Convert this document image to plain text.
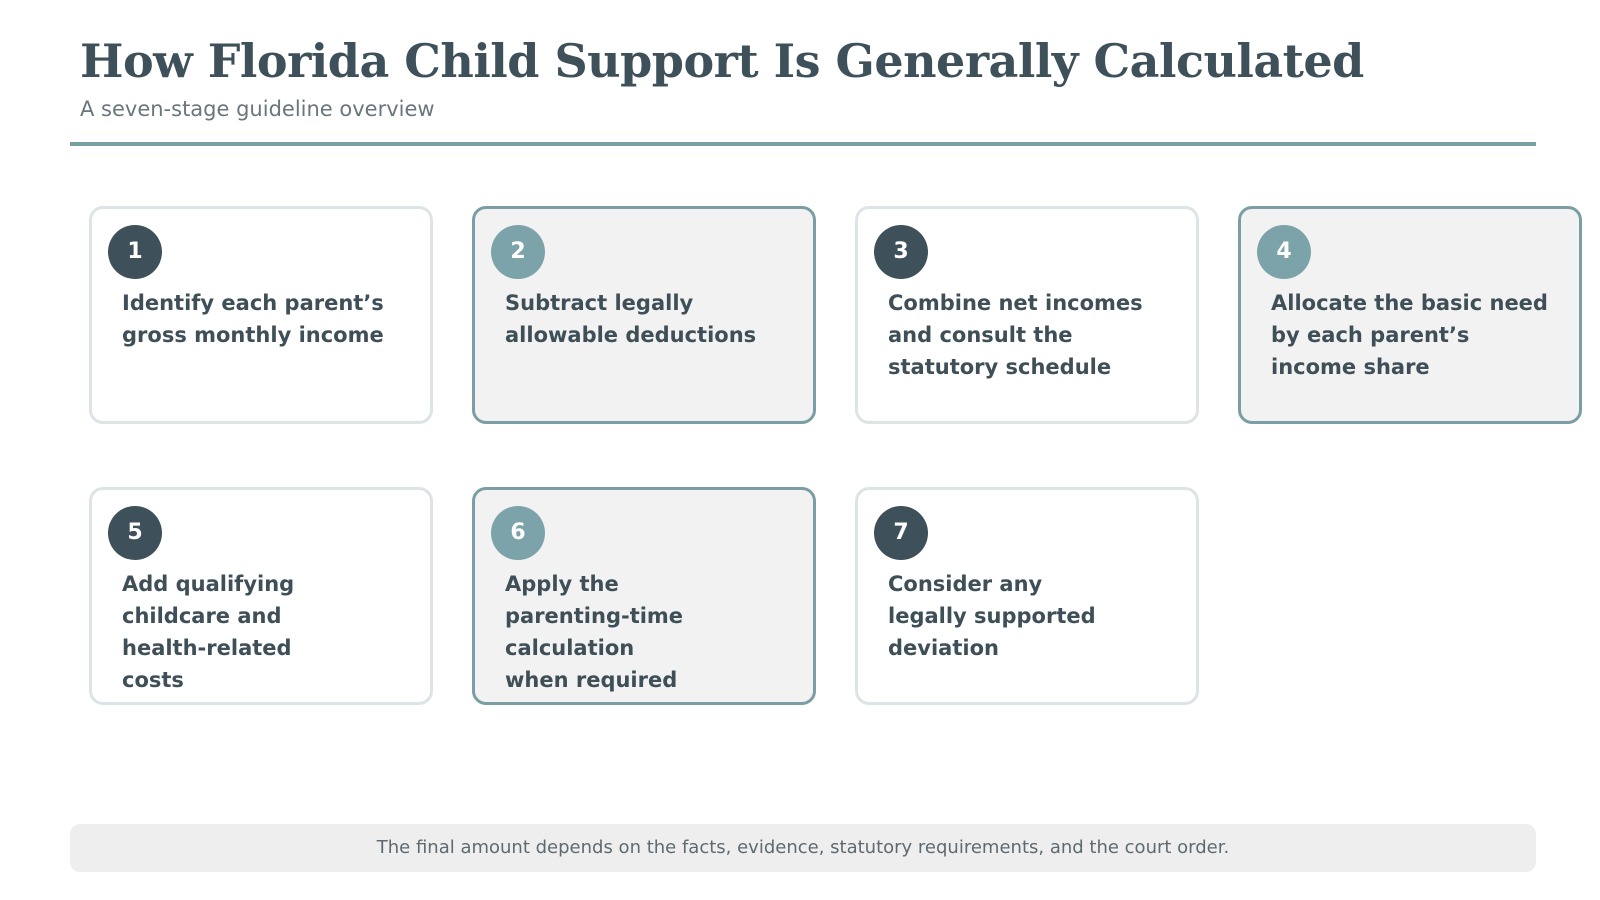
How Florida Child Support Is Generally Calculated
A seven-stage guideline overview
1
Identify each parent’s gross monthly income
2
Subtract legally allowable deductions
3
Combine net incomes and consult the statutory schedule
4
Allocate the basic need by each parent’s income share
5
Add qualifying childcare and health-related costs
6
Apply the parenting-time calculation when required
7
Consider any legally supported deviation
The final amount depends on the facts, evidence, statutory requirements, and the court order.
